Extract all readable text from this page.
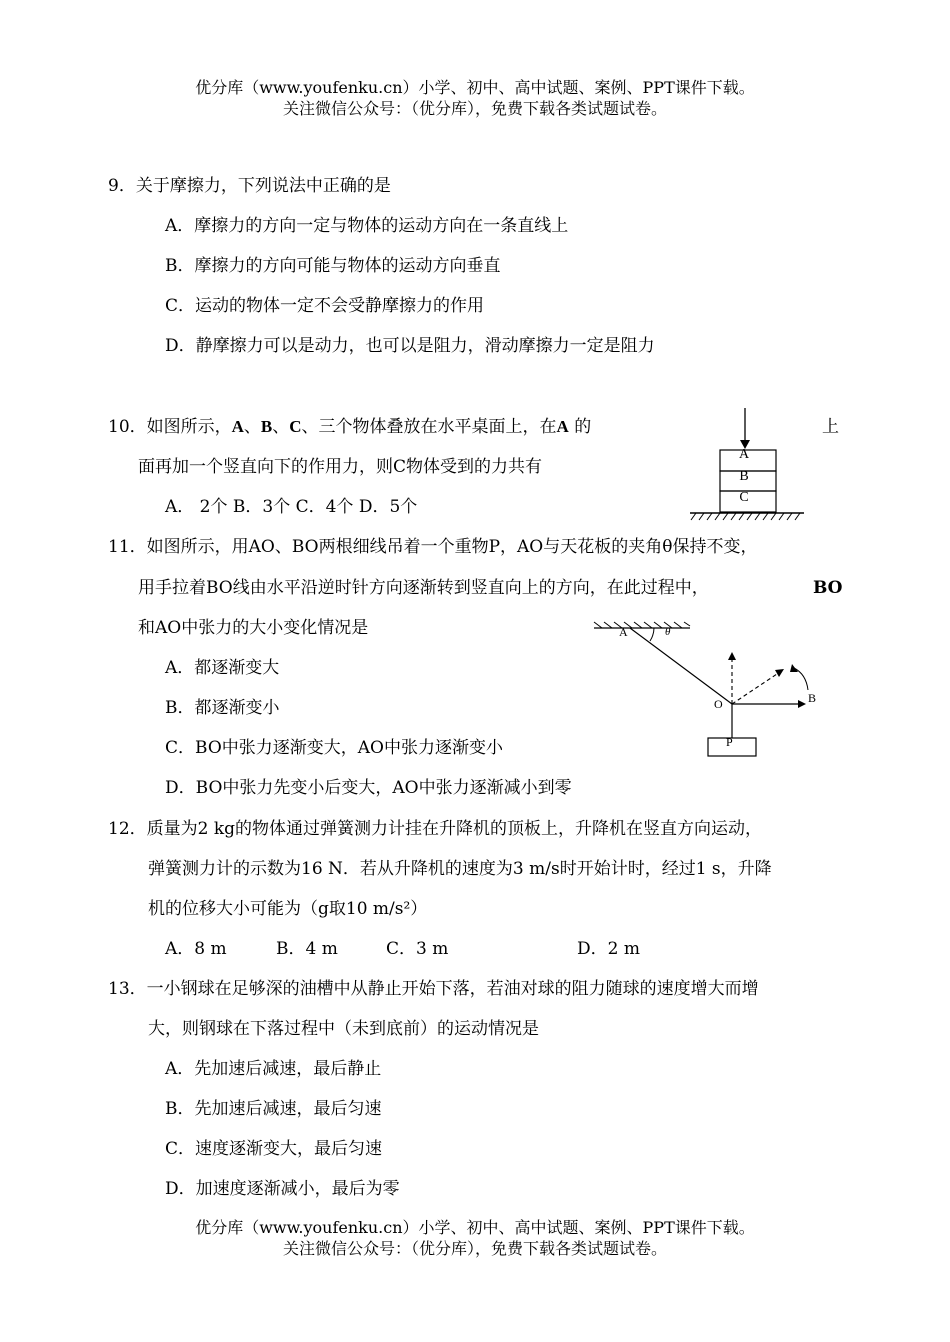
优分库（www.youfenku.cn）小学、初中、高中试题、案例、PPT课件下载。
关注微信公众号：（优分库），免费下载各类试题试卷。
9．关于摩擦力，下列说法中正确的是
A．摩擦力的方向一定与物体的运动方向在一条直线上
B．摩擦力的方向可能与物体的运动方向垂直
C．运动的物体一定不会受静摩擦力的作用
D．静摩擦力可以是动力，也可以是阻力，滑动摩擦力一定是阻力
10．如图所示，A、B、C、三个物体叠放在水平桌面上，在A 的	上
面再加一个竖直向下的作用力，则C物体受到的力共有
A． 2个 B．3个 C．4个 D．5个
A
B
C
11．如图所示，用AO、BO两根细线吊着一个重物P，AO与天花板的夹角θ保持不变，
用手拉着BO线由水平沿逆时针方向逐渐转到竖直向上的方向，在此过程中，	BO
和AO中张力的大小变化情况是
A．都逐渐变大
B．都逐渐变小
C．BO中张力逐渐变大，AO中张力逐渐变小
D．BO中张力先变小后变大，AO中张力逐渐减小到零
A	θ
O	B
P
12．质量为2 kg的物体通过弹簧测力计挂在升降机的顶板上，升降机在竖直方向运动，
弹簧测力计的示数为16 N．若从升降机的速度为3 m/s时开始计时，经过1 s，升降
机的位移大小可能为（g取10 m/s²）
A．8 m	B．4 m	C．3 m	D．2 m
13．一小钢球在足够深的油槽中从静止开始下落，若油对球的阻力随球的速度增大而增
大，则钢球在下落过程中（未到底前）的运动情况是
A．先加速后减速，最后静止
B．先加速后减速，最后匀速
C．速度逐渐变大，最后匀速
D．加速度逐渐减小，最后为零
优分库（www.youfenku.cn）小学、初中、高中试题、案例、PPT课件下载。
关注微信公众号：（优分库），免费下载各类试题试卷。
